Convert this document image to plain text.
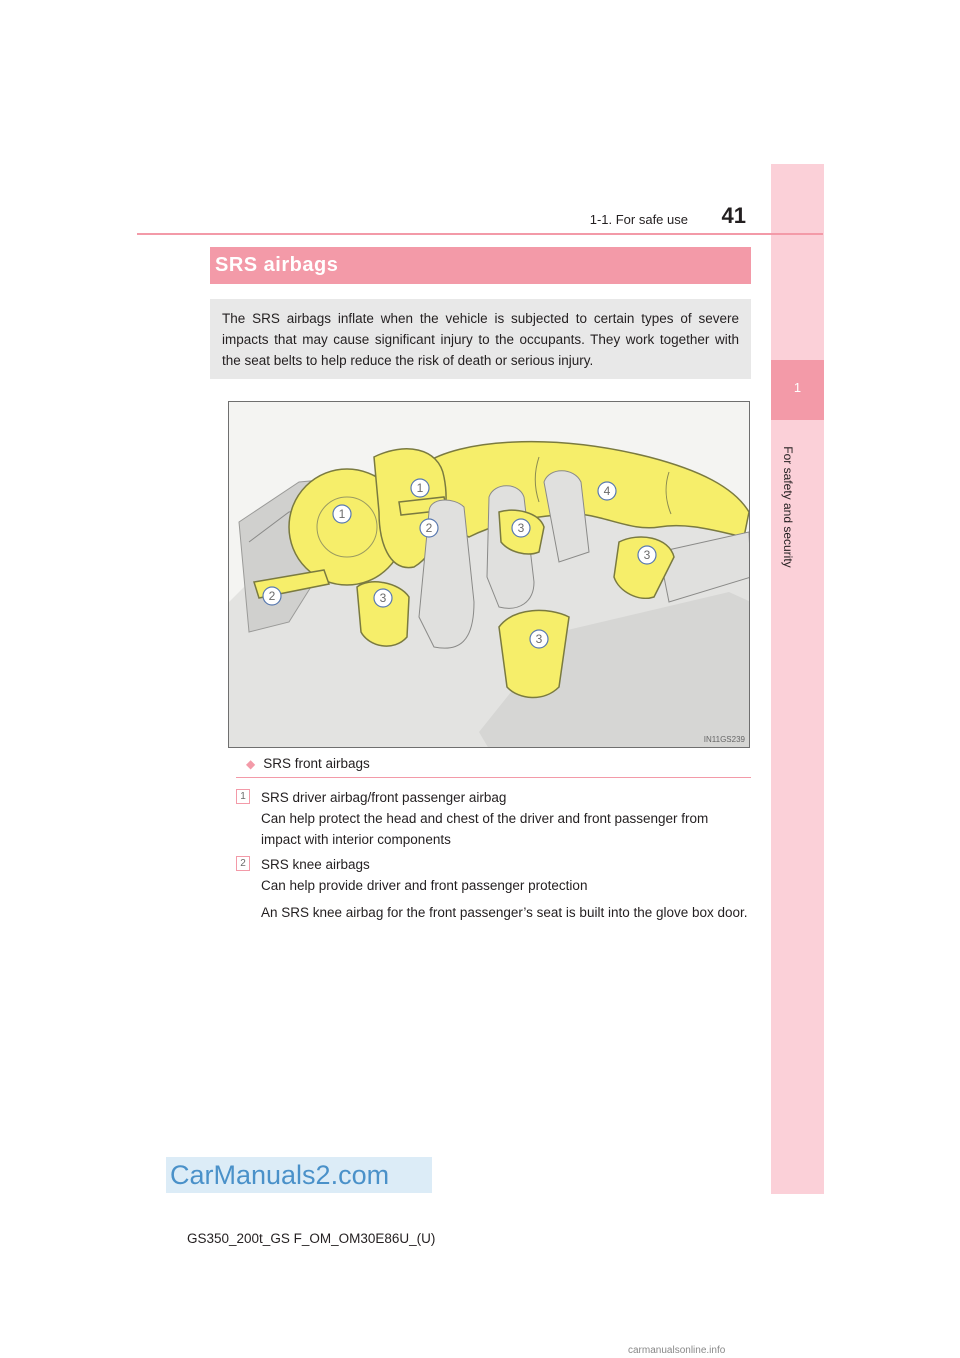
1
For safety and security
1-1. For safe use	41
SRS airbags

The SRS airbags inflate when the vehicle is subjected to certain types of severe impacts that may cause significant injury to the occupants. They work together with the seat belts to help reduce the risk of death or serious injury.

1
1
2
2	3
3
3
3
4
IN11GS239
◆ SRS front airbags
1	SRS driver airbag/front passenger airbag
Can help protect the head and chest of the driver and front passenger from impact with interior components
2	SRS knee airbags
Can help provide driver and front passenger protection
An SRS knee airbag for the front passenger’s seat is built into the glove box door.
CarManuals2.com
GS350_200t_GS F_OM_OM30E86U_(U)
carmanualsonline.info
